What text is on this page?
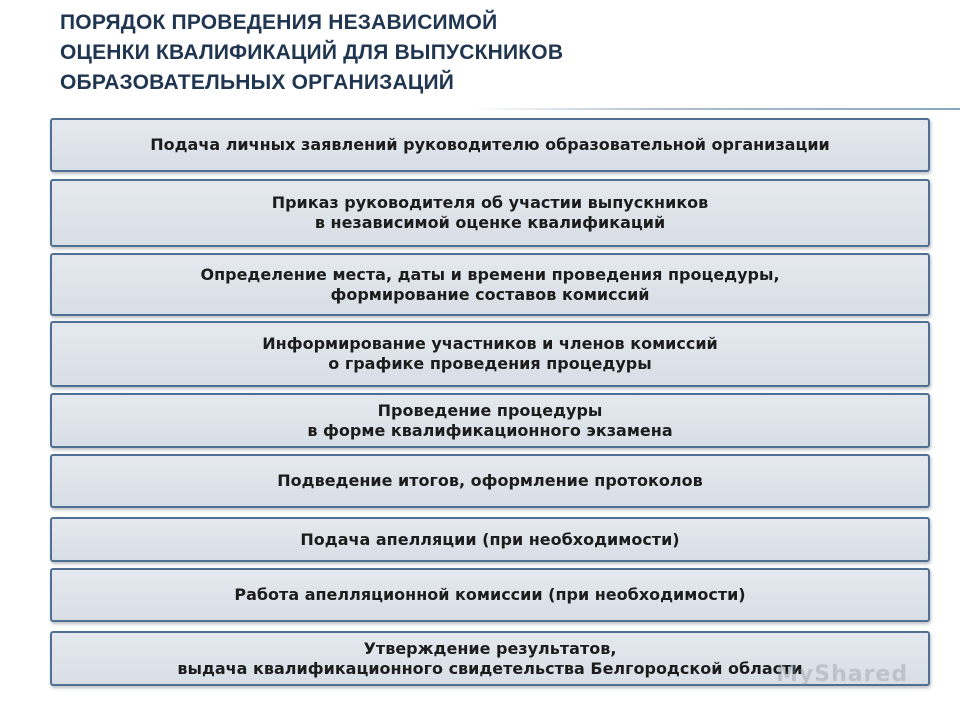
ПОРЯДОК ПРОВЕДЕНИЯ НЕЗАВИСИМОЙ
ОЦЕНКИ КВАЛИФИКАЦИЙ ДЛЯ ВЫПУСКНИКОВ
ОБРАЗОВАТЕЛЬНЫХ ОРГАНИЗАЦИЙ
Подача личных заявлений руководителю образовательной организации
Приказ руководителя об участии выпускников
в независимой оценке квалификаций
Определение места, даты и времени проведения процедуры,
формирование составов комиссий
Информирование участников и членов комиссий
о графике проведения процедуры
Проведение процедуры
в форме квалификационного экзамена
Подведение итогов, оформление протоколов
Подача апелляции (при необходимости)
Работа апелляционной комиссии (при необходимости)
Утверждение результатов,
выдача квалификационного свидетельства Белгородской области
MyShared
